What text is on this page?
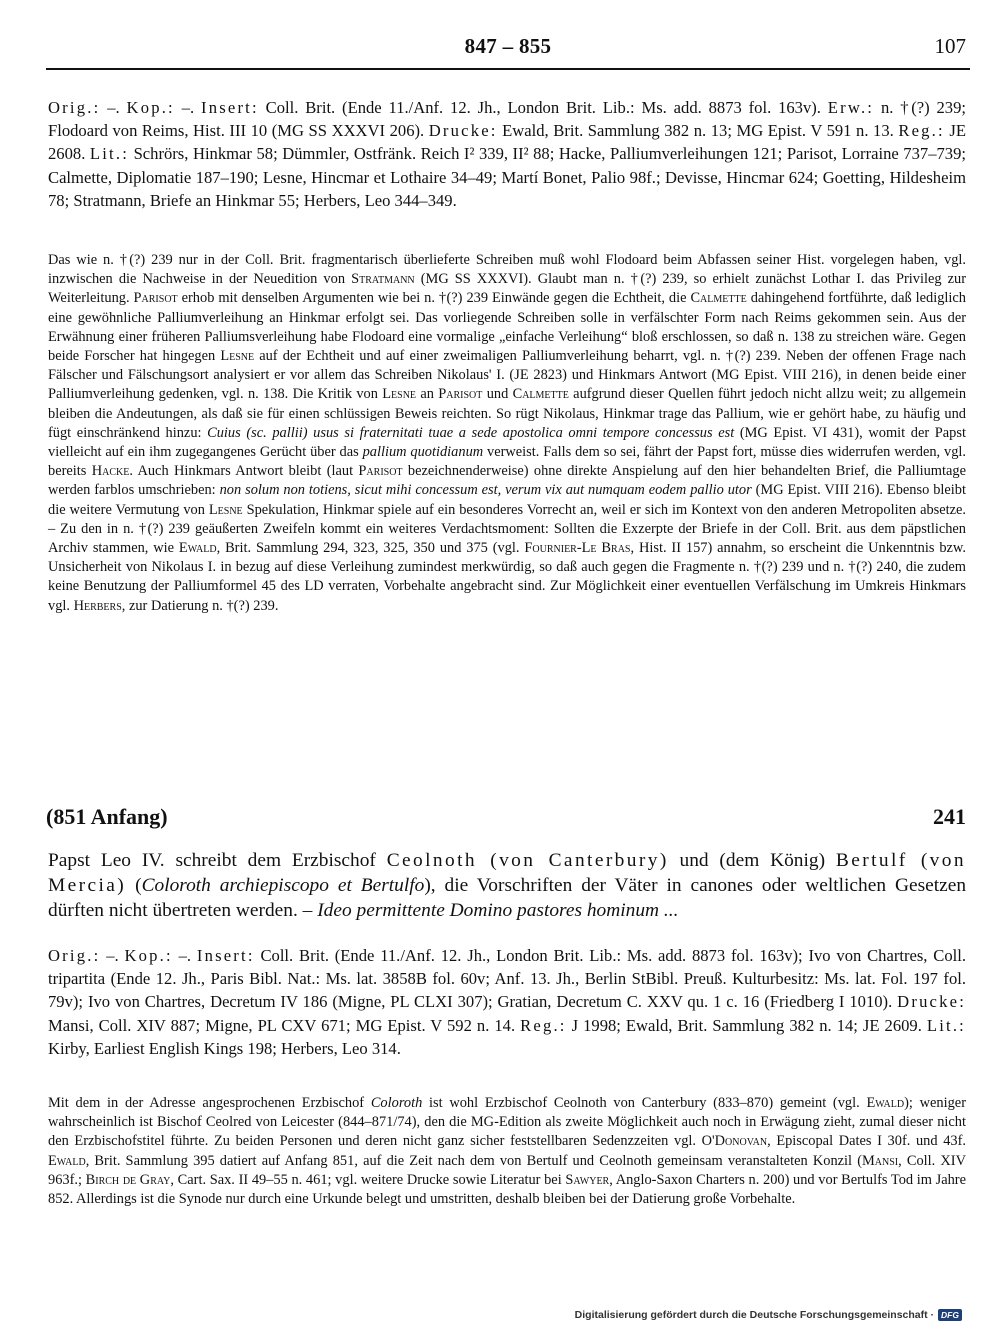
847 – 855	107
Orig.: –. Kop.: –. Insert: Coll. Brit. (Ende 11./Anf. 12. Jh., London Brit. Lib.: Ms. add. 8873 fol. 163v). Erw.: n. †(?) 239; Flodoard von Reims, Hist. III 10 (MG SS XXXVI 206). Drucke: Ewald, Brit. Sammlung 382 n. 13; MG Epist. V 591 n. 13. Reg.: JE 2608. Lit.: Schrörs, Hinkmar 58; Dümmler, Ostfränk. Reich I² 339, II² 88; Hacke, Palliumverleihungen 121; Parisot, Lorraine 737–739; Calmette, Diplomatie 187–190; Lesne, Hincmar et Lothaire 34–49; Martí Bonet, Palio 98f.; Devisse, Hincmar 624; Goetting, Hildesheim 78; Stratmann, Briefe an Hinkmar 55; Herbers, Leo 344–349.
Das wie n. †(?) 239 nur in der Coll. Brit. fragmentarisch überlieferte Schreiben muß wohl Flodoard beim Abfassen seiner Hist. vorgelegen haben, vgl. inzwischen die Nachweise in der Neuedition von Stratmann (MG SS XXXVI). Glaubt man n. †(?) 239, so erhielt zunächst Lothar I. das Privileg zur Weiterleitung. Parisot erhob mit denselben Argumenten wie bei n. †(?) 239 Einwände gegen die Echtheit, die Calmette dahingehend fortführte, daß lediglich eine gewöhnliche Palliumverleihung an Hinkmar erfolgt sei. Das vorliegende Schreiben solle in verfälschter Form nach Reims gekommen sein. Aus der Erwähnung einer früheren Palliumsverleihung habe Flodoard eine vormalige „einfache Verleihung“ bloß erschlossen, so daß n. 138 zu streichen wäre. Gegen beide Forscher hat hingegen Lesne auf der Echtheit und auf einer zweimaligen Palliumverleihung beharrt, vgl. n. †(?) 239. Neben der offenen Frage nach Fälscher und Fälschungsort analysiert er vor allem das Schreiben Nikolaus' I. (JE 2823) und Hinkmars Antwort (MG Epist. VIII 216), in denen beide einer Palliumverleihung gedenken, vgl. n. 138. Die Kritik von Lesne an Parisot und Calmette aufgrund dieser Quellen führt jedoch nicht allzu weit; zu allgemein bleiben die Andeutungen, als daß sie für einen schlüssigen Beweis reichten. So rügt Nikolaus, Hinkmar trage das Pallium, wie er gehört habe, zu häufig und fügt einschränkend hinzu: Cuius (sc. pallii) usus si fraternitati tuae a sede apostolica omni tempore concessus est (MG Epist. VI 431), womit der Papst vielleicht auf ein ihm zugegangenes Gerücht über das pallium quotidianum verweist. Falls dem so sei, fährt der Papst fort, müsse dies widerrufen werden, vgl. bereits Hacke. Auch Hinkmars Antwort bleibt (laut Parisot bezeichnenderweise) ohne direkte Anspielung auf den hier behandelten Brief, die Palliumtage werden farblos umschrieben: non solum non totiens, sicut mihi concessum est, verum vix aut numquam eodem pallio utor (MG Epist. VIII 216). Ebenso bleibt die weitere Vermutung von Lesne Spekulation, Hinkmar spiele auf ein besonderes Vorrecht an, weil er sich im Kontext von den anderen Metropoliten absetze. – Zu den in n. †(?) 239 geäußerten Zweifeln kommt ein weiteres Verdachtsmoment: Sollten die Exzerpte der Briefe in der Coll. Brit. aus dem päpstlichen Archiv stammen, wie Ewald, Brit. Sammlung 294, 323, 325, 350 und 375 (vgl. Fournier-Le Bras, Hist. II 157) annahm, so erscheint die Unkenntnis bzw. Unsicherheit von Nikolaus I. in bezug auf diese Verleihung zumindest merkwürdig, so daß auch gegen die Fragmente n. †(?) 239 und n. †(?) 240, die zudem keine Benutzung der Palliumformel 45 des LD verraten, Vorbehalte angebracht sind. Zur Möglichkeit einer eventuellen Verfälschung im Umkreis Hinkmars vgl. Herbers, zur Datierung n. †(?) 239.
(851 Anfang)	241
Papst Leo IV. schreibt dem Erzbischof Ceolnoth (von Canterbury) und (dem König) Bertulf (von Mercia) (Coloroth archiepiscopo et Bertulfo), die Vorschriften der Väter in canones oder weltlichen Gesetzen dürften nicht übertreten werden. – Ideo permittente Domino pastores hominum ...
Orig.: –. Kop.: –. Insert: Coll. Brit. (Ende 11./Anf. 12. Jh., London Brit. Lib.: Ms. add. 8873 fol. 163v); Ivo von Chartres, Coll. tripartita (Ende 12. Jh., Paris Bibl. Nat.: Ms. lat. 3858B fol. 60v; Anf. 13. Jh., Berlin StBibl. Preuß. Kulturbesitz: Ms. lat. Fol. 197 fol. 79v); Ivo von Chartres, Decretum IV 186 (Migne, PL CLXI 307); Gratian, Decretum C. XXV qu. 1 c. 16 (Friedberg I 1010). Drucke: Mansi, Coll. XIV 887; Migne, PL CXV 671; MG Epist. V 592 n. 14. Reg.: J 1998; Ewald, Brit. Sammlung 382 n. 14; JE 2609. Lit.: Kirby, Earliest English Kings 198; Herbers, Leo 314.
Mit dem in der Adresse angesprochenen Erzbischof Coloroth ist wohl Erzbischof Ceolnoth von Canterbury (833–870) gemeint (vgl. Ewald); weniger wahrscheinlich ist Bischof Ceolred von Leicester (844–871/74), den die MG-Edition als zweite Möglichkeit auch noch in Erwägung zieht, zumal dieser nicht den Erzbischofstitel führte. Zu beiden Personen und deren nicht ganz sicher feststellbaren Sedenzzeiten vgl. O'Donovan, Episcopal Dates I 30f. und 43f. Ewald, Brit. Sammlung 395 datiert auf Anfang 851, auf die Zeit nach dem von Bertulf und Ceolnoth gemeinsam veranstalteten Konzil (Mansi, Coll. XIV 963f.; Birch de Gray, Cart. Sax. II 49–55 n. 461; vgl. weitere Drucke sowie Literatur bei Sawyer, Anglo-Saxon Charters n. 200) und vor Bertulfs Tod im Jahre 852. Allerdings ist die Synode nur durch eine Urkunde belegt und umstritten, deshalb bleiben bei der Datierung große Vorbehalte.
Digitalisierung gefördert durch die Deutsche Forschungsgemeinschaft · DFG
